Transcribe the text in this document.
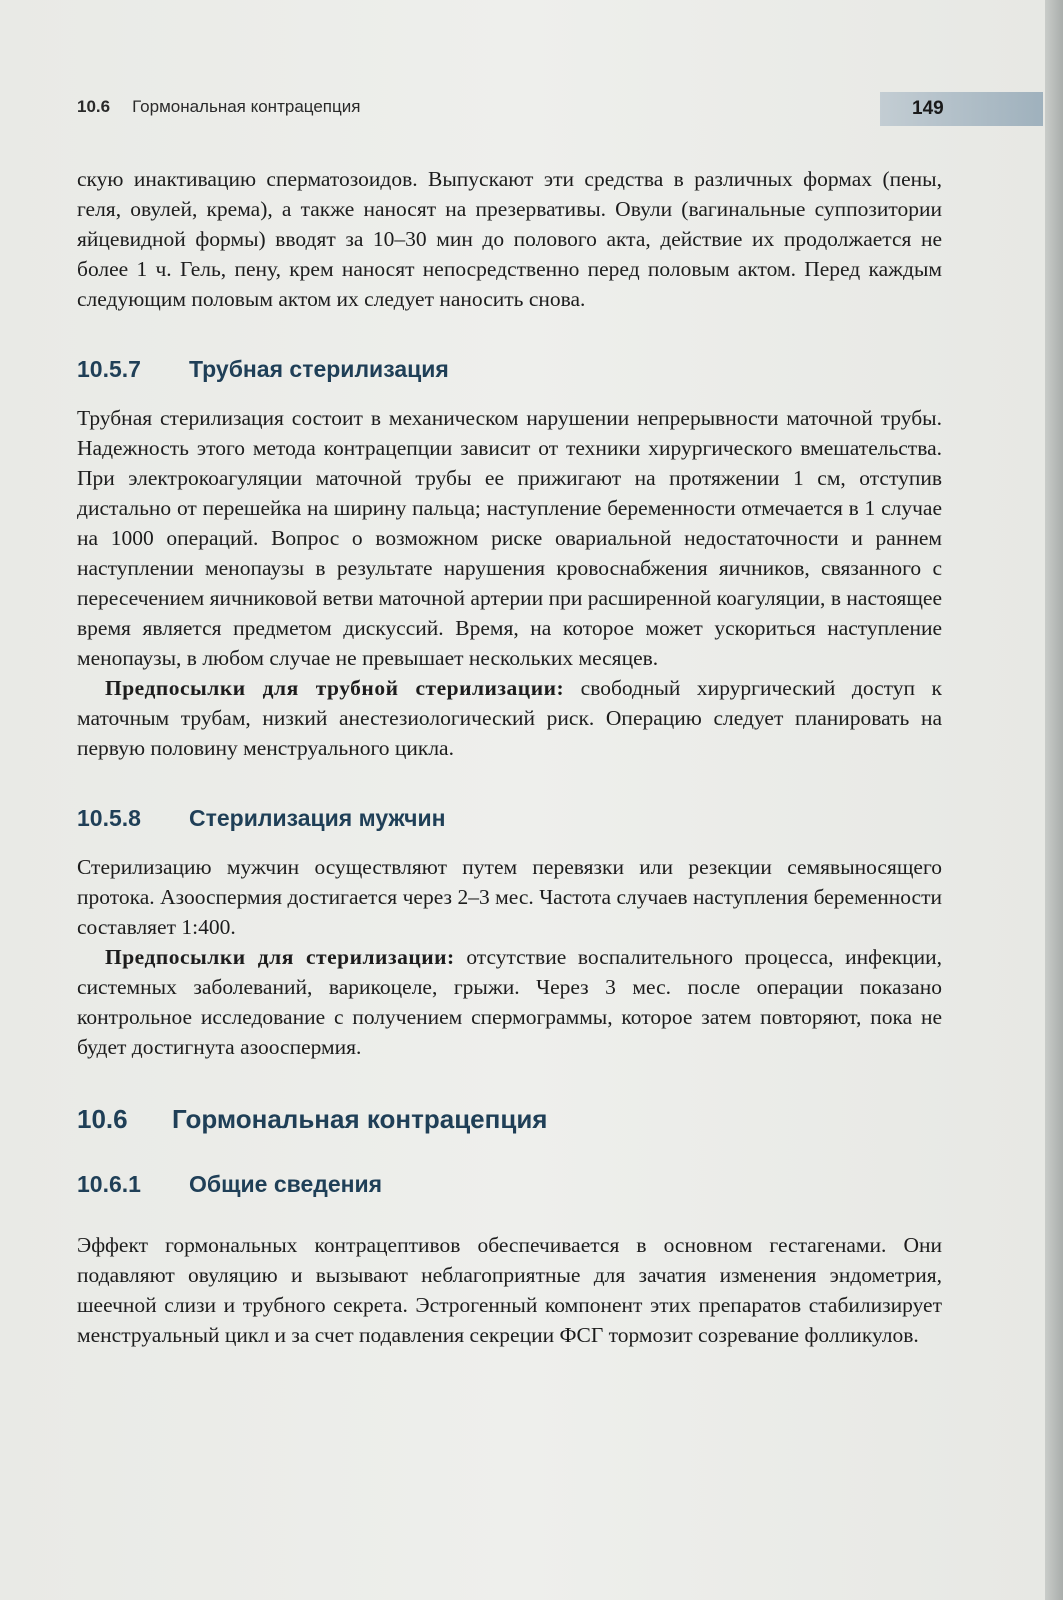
10.6 Гормональная контрацепция	149

скую инактивацию сперматозоидов. Выпускают эти средства в различных формах (пены, геля, овулей, крема), а также наносят на презервативы. Овули (вагинальные суппозитории яйцевидной формы) вводят за 10–30 мин до полового акта, действие их продолжается не более 1 ч. Гель, пену, крем наносят непосредственно перед половым актом. Перед каждым следующим половым актом их следует наносить снова.

10.5.7 Трубная стерилизация

Трубная стерилизация состоит в механическом нарушении непрерывности маточной трубы. Надежность этого метода контрацепции зависит от техники хирургического вмешательства. При электрокоагуляции маточной трубы ее прижигают на протяжении 1 см, отступив дистально от перешейка на ширину пальца; наступление беременности отмечается в 1 случае на 1000 операций. Вопрос о возможном риске овариальной недостаточности и раннем наступлении менопаузы в результате нарушения кровоснабжения яичников, связанного с пересечением яичниковой ветви маточной артерии при расширенной коагуляции, в настоящее время является предметом дискуссий. Время, на которое может ускориться наступление менопаузы, в любом случае не превышает нескольких месяцев.

Предпосылки для трубной стерилизации: свободный хирургический доступ к маточным трубам, низкий анестезиологический риск. Операцию следует планировать на первую половину менструального цикла.

10.5.8 Стерилизация мужчин

Стерилизацию мужчин осуществляют путем перевязки или резекции семявыносящего протока. Азооспермия достигается через 2–3 мес. Частота случаев наступления беременности составляет 1:400.

Предпосылки для стерилизации: отсутствие воспалительного процесса, инфекции, системных заболеваний, варикоцеле, грыжи. Через 3 мес. после операции показано контрольное исследование с получением спермограммы, которое затем повторяют, пока не будет достигнута азооспермия.

10.6 Гормональная контрацепция
10.6.1 Общие сведения

Эффект гормональных контрацептивов обеспечивается в основном гестагенами. Они подавляют овуляцию и вызывают неблагоприятные для зачатия изменения эндометрия, шеечной слизи и трубного секрета. Эстрогенный компонент этих препаратов стабилизирует менструальный цикл и за счет подавления секреции ФСГ тормозит созревание фолликулов.
